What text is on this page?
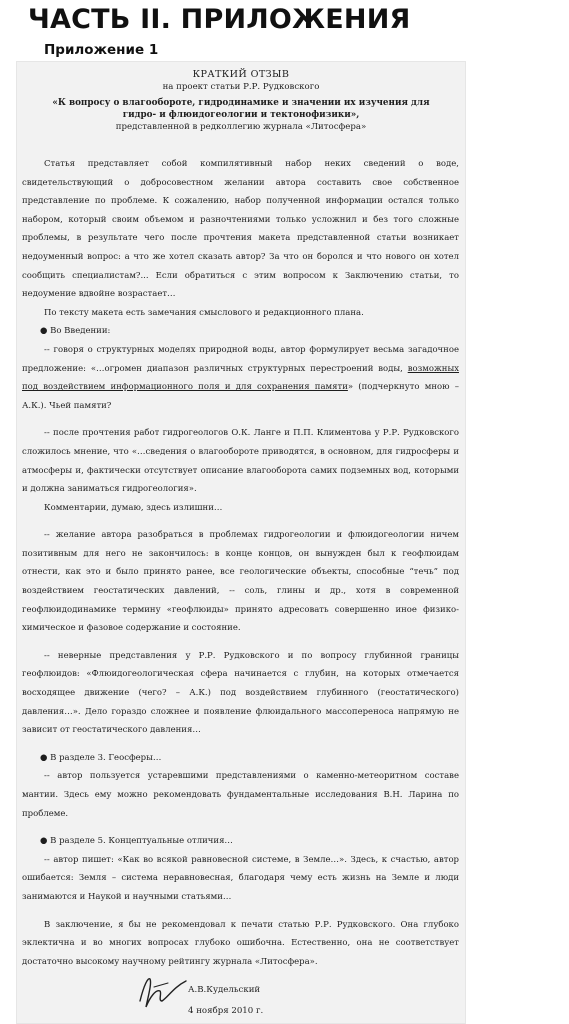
ЧАСТЬ II. ПРИЛОЖЕНИЯ
Приложение 1
КРАТКИЙ ОТЗЫВ
на проект статьи Р.Р. Рудковского
«К вопросу о влагообороте, гидродинамике и значении их изучения для гидро- и флюидогеологии и тектонофизики»,
представленной в редколлегию журнала «Литосфера»

Статья представляет собой компилятивный набор неких сведений о воде, свидетельствующий о добросовестном желании автора составить свое собственное представление по проблеме. К сожалению, набор полученной информации остался только набором, который своим объемом и разночтениями только усложнил и без того сложные проблемы, в результате чего после прочтения макета представленной статьи возникает недоуменный вопрос: а что же хотел сказать автор? За что он боролся и что нового он хотел сообщить специалистам?... Если обратиться с этим вопросом к Заключению статьи, то недоумение вдвойне возрастает…

По тексту макета есть замечания смыслового и редакционного плана.

● Во Введении:

-- говоря о структурных моделях природной воды, автор формулирует весьма загадочное предложение: «…огромен диапазон различных структурных перестроений воды, возможных под воздействием информационного поля и для сохранения памяти» (подчеркнуто мною – А.К.). Чьей памяти?

-- после прочтения работ гидрогеологов О.К. Ланге и П.П. Климентова у Р.Р. Рудковского сложилось мнение, что «…сведения о влагообороте приводятся, в основном, для гидросферы и атмосферы и, фактически отсутствует описание влагооборота самих подземных вод, которыми и должна заниматься гидрогеология».

Комментарии, думаю, здесь излишни…

-- желание автора разобраться в проблемах гидрогеологии и флюидогеологии ничем позитивным для него не закончилось: в конце концов, он вынужден был к геофлюидам отнести, как это и было принято ранее, все геологические объекты, способные “течь” под воздействием геостатических давлений, -- соль, глины и др., хотя в современной геофлюидодинамике термину «геофлюиды» принято адресовать совершенно иное физико-химическое и фазовое содержание и состояние.

-- неверные представления у Р.Р. Рудковского и по вопросу глубинной границы геофлюидов: «Флюидогеологическая сфера начинается с глубин, на которых отмечается восходящее движение (чего? – А.К.) под воздействием глубинного (геостатического) давления…». Дело гораздо сложнее и появление флюидального массопереноса напрямую не зависит от геостатического давления…

● В разделе 3. Геосферы…

-- автор пользуется устаревшими представлениями о каменно-метеоритном составе мантии. Здесь ему можно рекомендовать фундаментальные исследования В.Н. Ларина по проблеме.

● В разделе 5. Концептуальные отличия…

-- автор пишет: «Как во всякой равновесной системе, в Земле…». Здесь, к счастью, автор ошибается: Земля – система неравновесная, благодаря чему есть жизнь на Земле и люди занимаются и Наукой и научными статьями…

В заключение, я бы не рекомендовал к печати статью Р.Р. Рудковского. Она глубоко эклектична и во многих вопросах глубоко ошибочна. Естественно, она не соответствует достаточно высокому научному рейтингу журнала «Литосфера».

А.В.Кудельский
4 ноября 2010 г.
